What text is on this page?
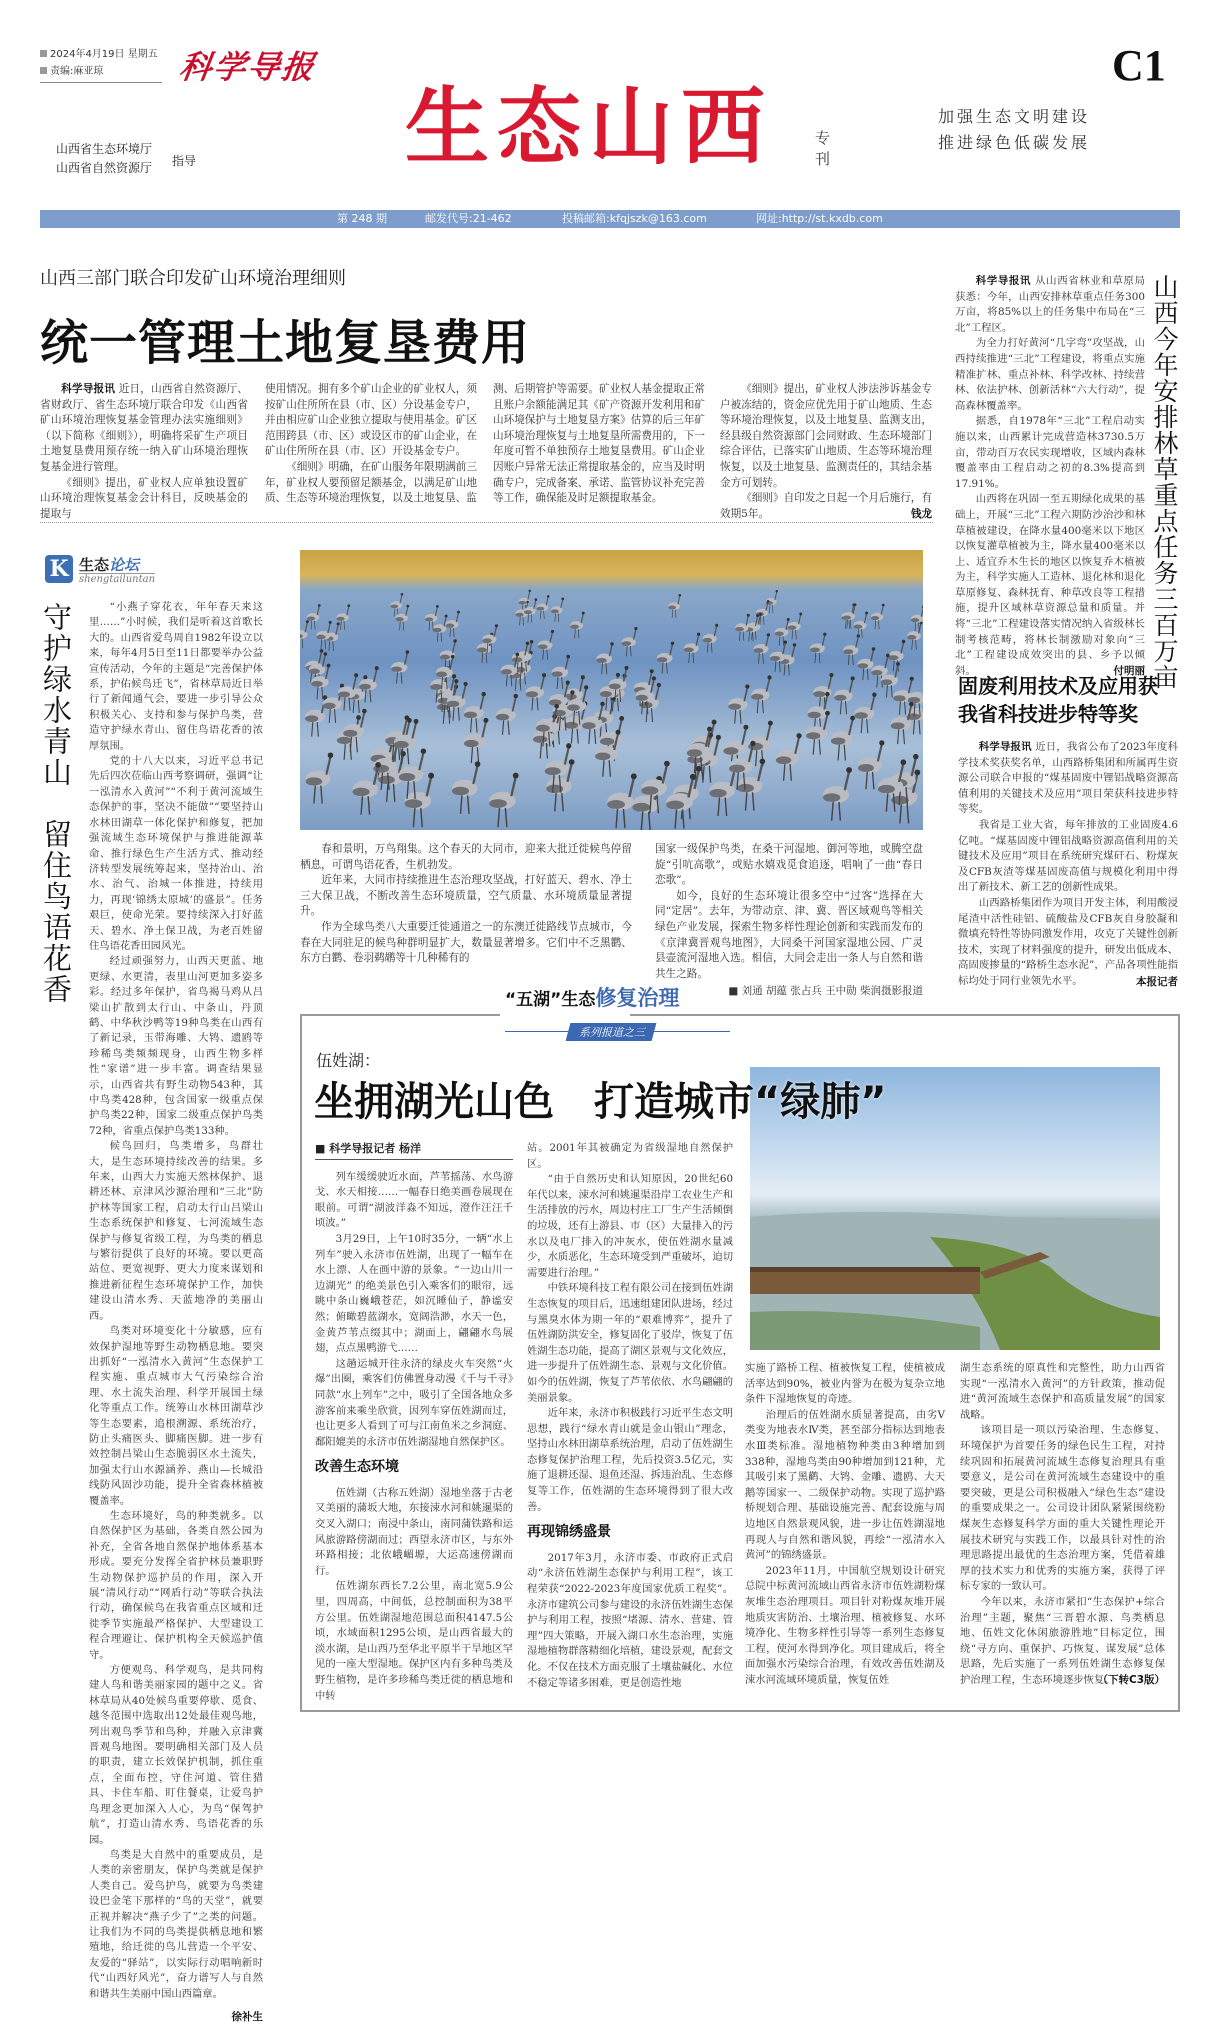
2024年4月19日 星期五
责编:麻亚琼	科学导报	C1
山西省生态环境厅
山西省自然资源厅 指导 生态山西	专刊
加强生态文明建设
推进绿色低碳发展
第 248 期	邮发代号:21-462	投稿邮箱:kfqjszk@163.com	网址:http://st.kxdb.com
山西三部门联合印发矿山环境治理细则
统一管理土地复垦费用

科学导报讯 近日，山西省自然资源厅、省财政厅、省生态环境厅联合印发《山西省矿山环境治理恢复基金管理办法实施细则》（以下简称《细则》），明确将采矿生产项目土地复垦费用预存统一纳入矿山环境治理恢复基金进行管理。

《细则》提出，矿业权人应单独设置矿山环境治理恢复基金会计科目，反映基金的提取与

使用情况。拥有多个矿山企业的矿业权人，须按矿山住所所在县（市、区）分设基金专户，并由相应矿山企业独立提取与使用基金。矿区范围跨县（市、区）或设区市的矿山企业，在矿山住所所在县（市、区）开设基金专户。

《细则》明确，在矿山服务年限期满前三年，矿业权人要预留足额基金，以满足矿山地质、生态等环境治理恢复，以及土地复垦、监

测、后期管护等需要。矿业权人基金提取正常且账户余额能满足其《矿产资源开发利用和矿山环境保护与土地复垦方案》估算的后三年矿山环境治理恢复与土地复垦所需费用的，下一年度可暂不单独预存土地复垦费用。矿山企业因账户异常无法正常提取基金的，应当及时明确专户，完成备案、承诺、监管协议补充完善等工作，确保能及时足额提取基金。

《细则》提出，矿业权人涉法涉诉基金专户被冻结的，资金应优先用于矿山地质、生态等环境治理恢复，以及土地复垦、监测支出，经县级自然资源部门会同财政、生态环境部门综合评估，已落实矿山地质、生态等环境治理恢复，以及土地复垦、监测责任的，其结余基金方可划转。

《细则》自印发之日起一个月后施行，有效期5年。	钱龙

科学导报讯 从山西省林业和草原局获悉：今年，山西安排林草重点任务300万亩，将85%以上的任务集中布局在“三北”工程区。

为全力打好黄河“几字弯”攻坚战，山西持续推进“三北”工程建设，将重点实施精准扩林、重点补林、科学改林、持续营林、依法护林、创新活林“六大行动”，提高森林覆盖率。

据悉，自1978年“三北”工程启动实施以来，山西累计完成营造林3730.5万亩，带动百万农民实现增收，区域内森林覆盖率由工程启动之初的8.3%提高到17.91%。

山西将在巩固一至五期绿化成果的基础上，开展“三北”工程六期防沙治沙和林草植被建设，在降水量400毫米以下地区以恢复灌草植被为主，降水量400毫米以上、适宜乔木生长的地区以恢复乔木植被为主，科学实施人工造林、退化林和退化草原修复、森林抚育、种草改良等工程措施，提升区域林草资源总量和质量。并将“三北”工程建设落实情况纳入省级林长制考核范畴，将林长制激励对象向“三北”工程建设成效突出的县、乡予以倾斜。	付明丽 山西今年安排林草重点任务三百万亩
固废利用技术及应用获
我省科技进步特等奖

科学导报讯 近日，我省公布了2023年度科学技术奖获奖名单，山西路桥集团和所属再生资源公司联合申报的“煤基固废中锂铝战略资源高值利用的关键技术及应用”项目荣获科技进步特等奖。

我省是工业大省，每年排放的工业固废4.6亿吨。“煤基固废中锂铝战略资源高值利用的关键技术及应用”项目在系统研究煤矸石、粉煤灰及CFB灰渣等煤基固废高值与规模化利用中得出了新技术、新工艺的创新性成果。

山西路桥集团作为项目开发主体，利用酸浸尾渣中活性硅铝、硫酸盐及CFB灰自身胶凝和微填充特性等协同激发作用，攻克了关键性创新技术，实现了材料强度的提升，研发出低成本、高固废掺量的“路桥生态水泥”，产品各项性能指标均处于同行业领先水平。	本报记者
K 生态论坛
shengtailuntan
守护绿水青山　留住鸟语花香	“小燕子穿花衣，年年春天来这里……”小时候，我们是听着这首歌长大的。山西省爱鸟周自1982年设立以来，每年4月5日至11日都要举办公益宣传活动，今年的主题是“完善保护体系，护佑候鸟迁飞”，省林草局近日举行了新闻通气会，要进一步引导公众积极关心、支持和参与保护鸟类，营造守护绿水青山、留住鸟语花香的浓厚氛围。

党的十八大以来，习近平总书记先后四次莅临山西考察调研，强调“让一泓清水入黄河”“不利于黄河流域生态保护的事，坚决不能做”“要坚持山水林田湖草一体化保护和修复，把加强流域生态环境保护与推进能源革命、推行绿色生产生活方式、推动经济转型发展统筹起来，坚持治山、治水、治气、治城一体推进，持续用力，再现‘锦绣太原城’的盛景”。任务艰巨，使命光荣。要持续深入打好蓝天、碧水、净土保卫战，为老百姓留住鸟语花香田园风光。

经过顽强努力，山西天更蓝、地更绿、水更清，表里山河更加多姿多彩。经过多年保护，省鸟褐马鸡从吕梁山扩散到太行山、中条山，丹顶鹤、中华秋沙鸭等19种鸟类在山西有了新记录，玉带海雕、大鸨、遗鸥等珍稀鸟类频频现身，山西生物多样性“家谱”进一步丰富。调查结果显示，山西省共有野生动物543种，其中鸟类428种，包含国家一级重点保护鸟类22种，国家二级重点保护鸟类72种，省重点保护鸟类133种。

候鸟回归，鸟类增多，鸟群壮大，是生态环境持续改善的结果。多年来，山西大力实施天然林保护、退耕还林、京津风沙源治理和“三北”防护林等国家工程，启动太行山吕梁山生态系统保护和修复、七河流域生态保护与修复省级工程，为鸟类的栖息与繁衍提供了良好的环境。要以更高站位、更宽视野、更大力度来谋划和推进新征程生态环境保护工作，加快建设山清水秀、天蓝地净的美丽山西。

鸟类对环境变化十分敏感，应有效保护湿地等野生动物栖息地。要突出抓好“一泓清水入黄河”生态保护工程实施、重点城市大气污染综合治理、水土流失治理、科学开展国土绿化等重点工作。统筹山水林田湖草沙等生态要素，追根溯源、系统治疗，防止头痛医头、脚痛医脚。进一步有效控制吕梁山生态脆弱区水土流失，加强太行山水源涵养、燕山—长城沿线防风固沙功能，提升全省森林植被覆盖率。

生态环境好，鸟的种类就多。以自然保护区为基础，各类自然公园为补充，全省各地自然保护地体系基本形成。要充分发挥全省护林员兼职野生动物保护巡护员的作用，深入开展“清风行动”“网盾行动”等联合执法行动，确保候鸟在我省重点区域和迁徙季节实施最严格保护、大型建设工程合理避让、保护机构全天候巡护值守。

方便观鸟、科学观鸟，是共同构建人鸟和谐美丽家园的题中之义。省林草局从40处候鸟重要停歇、觅食、越冬范围中选取出12处最佳观鸟地，列出观鸟季节和鸟种，并融入京津冀晋观鸟地图。要明确相关部门及人员的职责，建立长效保护机制，抓住重点，全面布控，守住河道、管住猎具、卡住车船、盯住餐桌，让爱鸟护鸟理念更加深入人心，为鸟“保驾护航”，打造山清水秀、鸟语花香的乐园。

鸟类是大自然中的重要成员，是人类的亲密朋友，保护鸟类就是保护人类自己。爱鸟护鸟，就要为鸟类建设巴金笔下那样的“鸟的天堂”，就要正视并解决“燕子少了”之类的问题。让我们为不同的鸟类提供栖息地和繁殖地，给迁徙的鸟儿营造一个平安、友爱的“驿站”，以实际行动唱响新时代“山西好风光”，奋力谱写人与自然和谐共生美丽中国山西篇章。

徐补生

春和景明，万鸟翔集。这个春天的大同市，迎来大批迁徙候鸟停留栖息，可谓鸟语花香，生机勃发。

近年来，大同市持续推进生态治理攻坚战，打好蓝天、碧水、净土三大保卫战，不断改善生态环境质量，空气质量、水环境质量显著提升。

作为全球鸟类八大重要迁徙通道之一的东澳迁徙路线节点城市，今春在大同驻足的候鸟种群明显扩大，数量显著增多。它们中不乏黑鹳、东方白鹳、卷羽鹈鹕等十几种稀有的

国家一级保护鸟类，在桑干河湿地、御河等地，或腾空盘旋“引吭高歌”，或贴水嬉戏觅食追逐，唱响了一曲“春日恋歌”。

如今，良好的生态环境让很多空中“过客”选择在大同“定居”。去年，为带动京、津、冀、晋区域观鸟等相关绿色产业发展，探索生物多样性理论创新和实践而发布的《京津冀晋观鸟地图》，大同桑干河国家湿地公园、广灵县壶流河湿地入选。相信，大同会走出一条人与自然和谐共生之路。

■ 刘通 胡蕴 张占兵 王中勋 柴润摄影报道
“五湖”生态修复治理
系列报道之三
伍姓湖：
坐拥湖光山色　打造城市“绿肺”
■ 科学导报记者 杨洋

列车缓缓驶近水面，芦苇摇荡、水鸟游戈、水天相接……一幅春日绝美画卷展现在眼前。可谓“湖波洋淼不知远，澄作汪汪千顷波。”

3月29日，上午10时35分，一辆“水上列车”驶入永济市伍姓湖，出现了一幅车在水上漂、人在画中游的景象。“一边山川一边湖光” 的绝美景色引入乘客们的眼帘，远眺中条山巍峨苍茫，如沉睡仙子，静谧安然；俯瞰碧蓝湖水，宽阔浩渺，水天一色，金黄芦苇点缀其中；湖面上，翩翩水鸟展翅，点点黑鸭游弋……

这趟运城开往永济的绿皮火车突然“火爆”出圈，乘客们仿佛置身动漫《千与千寻》同款“水上列车”之中，吸引了全国各地众多游客前来乘坐欣赏，因列车穿伍姓湖而过，也让更多人看到了可与江南鱼米之乡洞庭、鄱阳媲美的永济市伍姓湖湿地自然保护区。

改善生态环境

伍姓湖（古称五姓湖）湿地坐落于古老又美丽的蒲坂大地，东接涑水河和姚暹渠的交叉入湖口；南浸中条山，南同蒲铁路和运风旅游路傍湖而过；西望永济市区，与东外环路相接；北依峨嵋塬，大运高速傍湖而行。

伍姓湖东西长7.2公里，南北宽5.9公里，四周高，中间低，总控制面积为38平方公里。伍姓湖湿地范围总面积4147.5公顷，水域面积1295公顷，是山西省最大的淡水湖，是山西乃至华北平原半干旱地区罕见的一座大型湿地。保护区内有多种鸟类及野生植物，是许多珍稀鸟类迁徙的栖息地和中转

站。2001年其被确定为省级湿地自然保护区。

“由于自然历史和认知原因，20世纪60年代以来，涑水河和姚暹渠沿岸工农业生产和生活排放的污水，周边村庄工厂生产生活倾倒的垃圾，还有上游县、市（区）大量排入的污水以及电厂排入的冲灰水，使伍姓湖水量减少，水质恶化，生态环境受到严重破坏，迫切需要进行治理。”

中铁环境科技工程有限公司在接到伍姓湖生态恢复的项目后，迅速组建团队进场，经过与黑臭水体为期一年的“艰难博弈”，提升了伍姓湖防洪安全，修复固化了驳岸，恢复了伍姓湖生态功能，提高了湖区景观与文化效应，进一步提升了伍姓湖生态、景观与文化价值。如今的伍姓湖，恢复了芦苇依依、水鸟翩翩的美丽景象。

近年来，永济市积极践行习近平生态文明思想，践行“绿水青山就是金山银山”理念，坚持山水林田湖草系统治理，启动了伍姓湖生态修复保护治理工程，先后投资3.5亿元，实施了退耕还湿、退鱼还湿、拆违治乱、生态修复等工作，伍姓湖的生态环境得到了很大改善。

再现锦绣盛景

2017年3月，永济市委、市政府正式启动“永济伍姓湖生态保护与利用工程”，该工程荣获“2022-2023年度国家优质工程奖”。永济市建筑公司参与建设的永济伍姓湖生态保护与利用工程，按照“堵源、清水、营建、管理”四大策略，开展入湖口水生态治理，实施湿地植物群落精细化培植，建设景观，配套文化。不仅在技术方面克服了土壤盐碱化、水位不稳定等诸多困难，更是创造性地

实施了路桥工程、植被恢复工程，使植被成活率达到90%，被业内誉为在极为复杂立地条件下湿地恢复的奇迹。

治理后的伍姓湖水质显著提高，由劣Ⅴ类变为地表水Ⅳ类，甚至部分指标达到地表水Ⅲ类标准。湿地植物种类由3种增加到338种，湿地鸟类由90种增加到121种，尤其吸引来了黑鹳、大鸨、金雕、遗鸥、大天鹅等国家一、二级保护动物。实现了巡护路桥规划合理、基础设施完善、配套设施与周边地区自然景观风貌，进一步让伍姓湖湿地再现人与自然和谐风貌，再绘“一泓清水入黄河”的锦绣盛景。

2023年11月，中国航空规划设计研究总院中标黄河流域山西省永济市伍姓湖粉煤灰堆生态治理项目。项目针对粉煤灰堆开展地质灾害防治、土壤治理、植被修复、水环境净化、生物多样性引导等一系列生态修复工程，使河水得到净化。项目建成后，将全面加强水污染综合治理，有效改善伍姓湖及涑水河流域环境质量，恢复伍姓

湖生态系统的原真性和完整性，助力山西省实现“一泓清水入黄河”的方针政策，推动促进“黄河流域生态保护和高质量发展”的国家战略。

该项目是一项以污染治理、生态修复、环境保护为首要任务的绿色民生工程，对持续巩固和拓展黄河流域生态修复治理具有重要意义，是公司在黄河流域生态建设中的重要突破，更是公司积极融入“绿色生态”建设的重要成果之一。公司设计团队紧紧围绕粉煤灰生态修复科学方面的重大关键性理论开展技术研究与实践工作，以最具针对性的治理思路提出最优的生态治理方案，凭借着雄厚的技术实力和优秀的实施方案，获得了评标专家的一致认可。

今年以来，永济市紧扣“生态保护+综合治理”主题，聚焦“三晋碧水源、鸟类栖息地、伍姓文化休闲旅游胜地”目标定位，围绕“寻方向、重保护、巧恢复、谋发展”总体思路，先后实施了一系列伍姓湖生态修复保护治理工程，生态环境逐步恢复。

（下转C3版）
